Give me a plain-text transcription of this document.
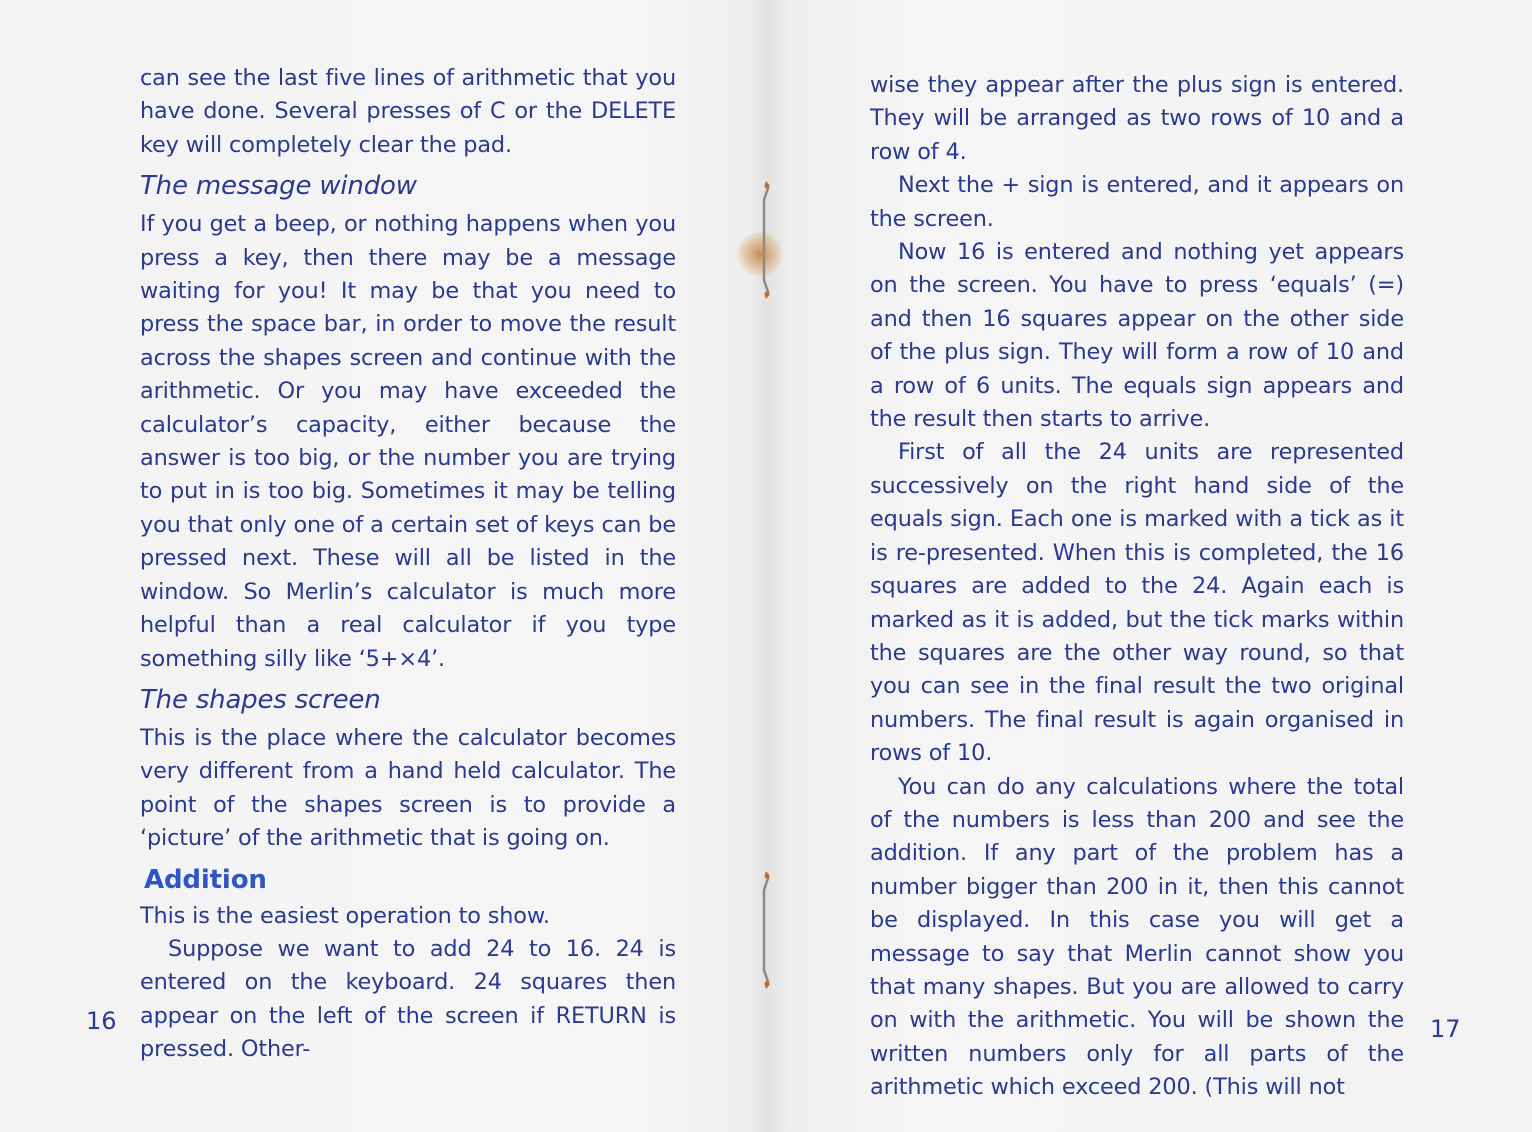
can see the last five lines of arithmetic that you have done. Several presses of C or the DELETE key will completely clear the pad.

The message window

If you get a beep, or nothing happens when you press a key, then there may be a message waiting for you! It may be that you need to press the space bar, in order to move the result across the shapes screen and continue with the arithmetic. Or you may have exceeded the calculator’s capacity, either because the answer is too big, or the number you are trying to put in is too big. Sometimes it may be telling you that only one of a certain set of keys can be pressed next. These will all be listed in the window. So Merlin’s calculator is much more helpful than a real calculator if you type something silly like ‘5+×4’.

The shapes screen

This is the place where the calculator becomes very different from a hand held calculator. The point of the shapes screen is to provide a ‘picture’ of the arithmetic that is going on.

Addition

This is the easiest operation to show.

Suppose we want to add 24 to 16. 24 is entered on the keyboard. 24 squares then appear on the left of the screen if RETURN is pressed. Other-

16

wise they appear after the plus sign is entered. They will be arranged as two rows of 10 and a row of 4.

Next the + sign is entered, and it appears on the screen.

Now 16 is entered and nothing yet appears on the screen. You have to press ‘equals’ (=) and then 16 squares appear on the other side of the plus sign. They will form a row of 10 and a row of 6 units. The equals sign appears and the result then starts to arrive.

First of all the 24 units are represented successively on the right hand side of the equals sign. Each one is marked with a tick as it is re-presented. When this is completed, the 16 squares are added to the 24. Again each is marked as it is added, but the tick marks within the squares are the other way round, so that you can see in the final result the two original numbers. The final result is again organised in rows of 10.

You can do any calculations where the total of the numbers is less than 200 and see the addition. If any part of the problem has a number bigger than 200 in it, then this cannot be displayed. In this case you will get a message to say that Merlin cannot show you that many shapes. But you are allowed to carry on with the arithmetic. You will be shown the written numbers only for all parts of the arithmetic which exceed 200. (This will not

17
